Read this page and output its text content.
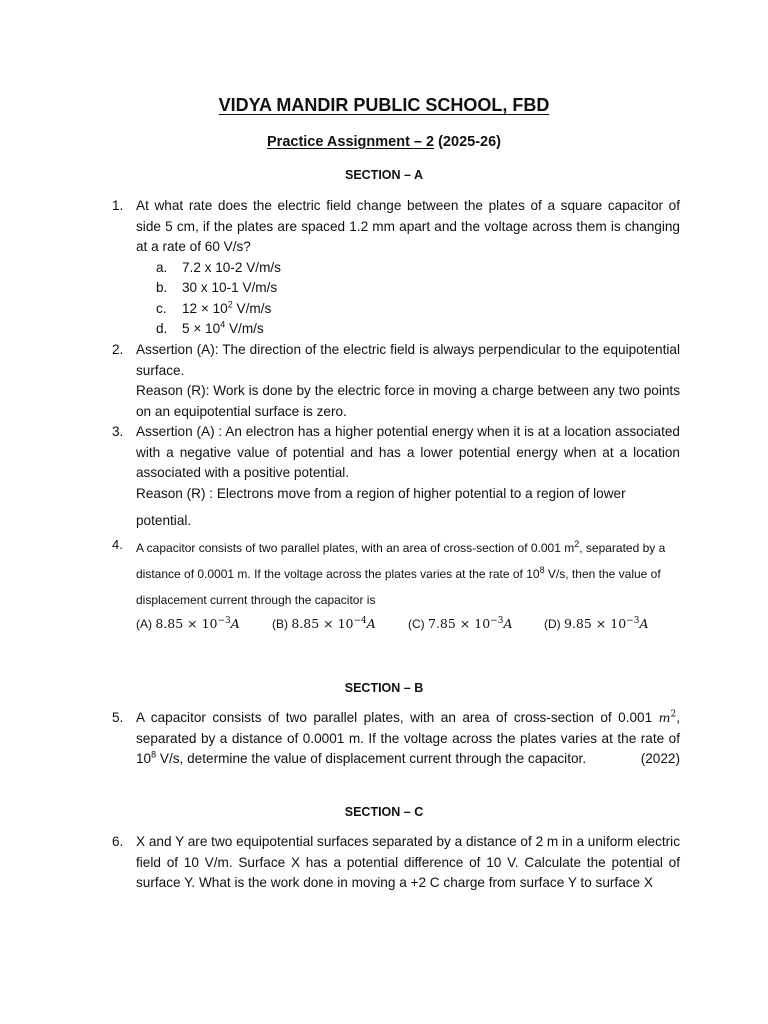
VIDYA MANDIR PUBLIC SCHOOL, FBD
Practice Assignment – 2 (2025-26)
SECTION – A
1. At what rate does the electric field change between the plates of a square capacitor of side 5 cm, if the plates are spaced 1.2 mm apart and the voltage across them is changing at a rate of 60 V/s?
a.	7.2 x 10-2 V/m/s
b.	30 x 10-1 V/m/s
c.	$12 \times 10^2$ V/m/s
d.	$5 \times 10^4$ V/m/s
2. Assertion (A): The direction of the electric field is always perpendicular to the equipotential surface.
Reason (R): Work is done by the electric force in moving a charge between any two points on an equipotential surface is zero.
3. Assertion (A) : An electron has a higher potential energy when it is at a location associated with a negative value of potential and has a lower potential energy when at a location associated with a positive potential.
Reason (R) : Electrons move from a region of higher potential to a region of lower
potential.
4. A capacitor consists of two parallel plates, with an area of cross-section of 0.001 $m^2$, separated by a distance of 0.0001 m. If the voltage across the plates varies at the rate of $10^8$ V/s, then the value of displacement current through the capacitor is
(A) $8.85 \times 10^{-3}A$	(B) $8.85 \times 10^{-4}A$	(C) $7.85 \times 10^{-3}A$	(D) $9.85 \times 10^{-3}A$
SECTION – B
5. A capacitor consists of two parallel plates, with an area of cross-section of 0.001 $m^2$, separated by a distance of 0.0001 m. If the voltage across the plates varies at the rate of $10^8$ V/s, determine the value of displacement current through the capacitor.	(2022)
SECTION – C
6. X and Y are two equipotential surfaces separated by a distance of 2 m in a uniform electric field of 10 V/m. Surface X has a potential difference of 10 V. Calculate the potential of surface Y. What is the work done in moving a +2 C charge from surface Y to surface X
